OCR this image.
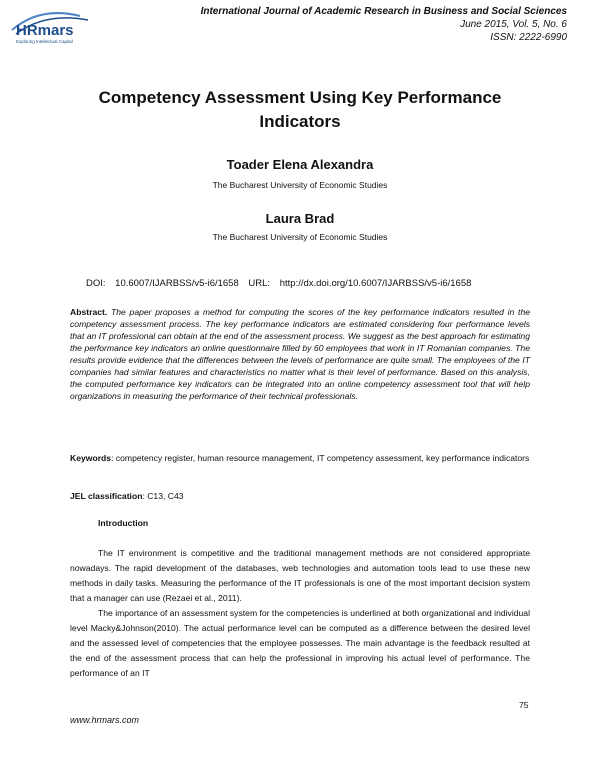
HRmars
Exploring Intellectual Capital
International Journal of Academic Research in Business and Social Sciences
June 2015, Vol. 5, No. 6
ISSN: 2222-6990
Competency Assessment Using Key Performance
Indicators
Toader Elena Alexandra
The Bucharest University of Economic Studies
Laura Brad
The Bucharest University of Economic Studies
DOI: 10.6007/IJARBSS/v5-i6/1658 URL: http://dx.doi.org/10.6007/IJARBSS/v5-i6/1658
Abstract. The paper proposes a method for computing the scores of the key performance indicators resulted in the competency assessment process. The key performance indicators are estimated considering four performance levels that an IT professional can obtain at the end of the assessment process. We suggest as the best approach for estimating the performance key indicators an online questionnaire filled by 60 employees that work in IT Romanian companies. The results provide evidence that the differences between the levels of performance are quite small. The employees of the IT companies had similar features and characteristics no matter what is their level of performance. Based on this analysis, the computed performance key indicators can be integrated into an online competency assessment tool that will help organizations in measuring the performance of their technical professionals.
Keywords: competency register, human resource management, IT competency assessment, key performance indicators
JEL classification: C13, C43
Introduction
The IT environment is competitive and the traditional management methods are not considered appropriate nowadays. The rapid development of the databases, web technologies and automation tools lead to use these new methods in daily tasks. Measuring the performance of the IT professionals is one of the most important decision system that a manager can use (Rezaei et al., 2011).
The importance of an assessment system for the competencies is underlined at both organizational and individual level Macky&Johnson(2010). The actual performance level can be computed as a difference between the desired level and the assessed level of competencies that the employee possesses. The main advantage is the feedback resulted at the end of the assessment process that can help the professional in improving his actual level of performance. The performance of an IT
75
www.hrmars.com
